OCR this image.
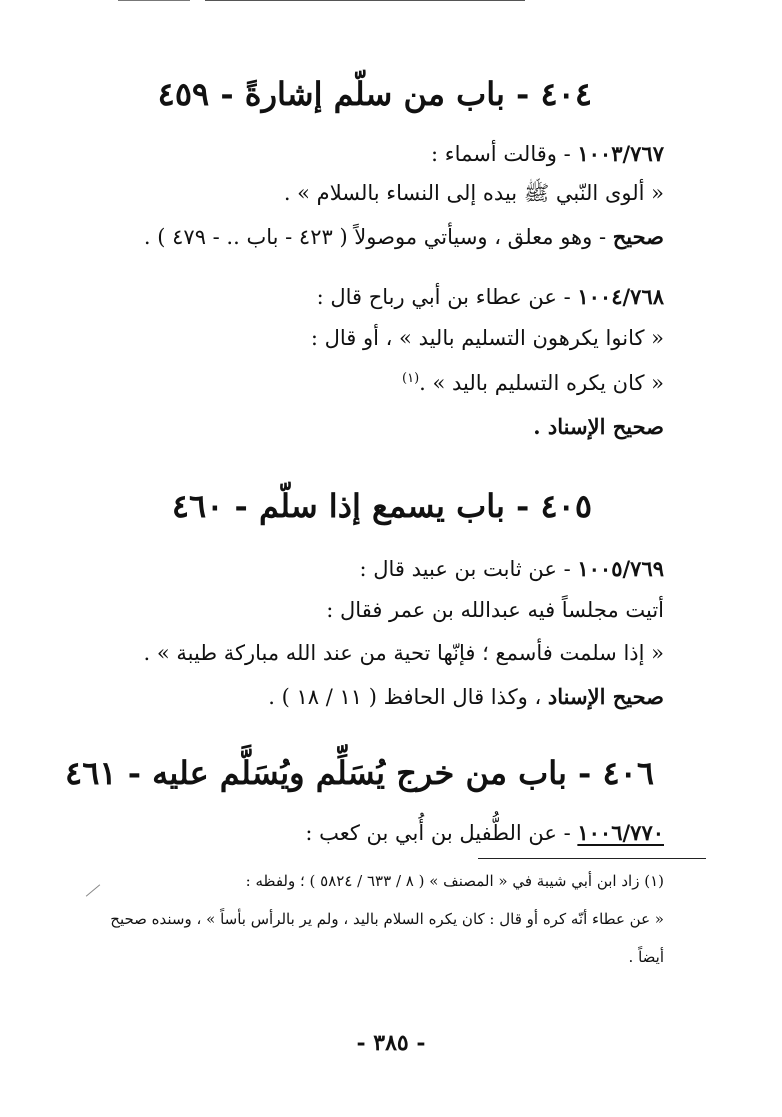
٤٠٤ - باب من سلّم إشارةً - ٤٥٩
١٠٠٣/٧٦٧ - وقالت أسماء :
« ألوى النّبي ﷺ بيده إلى النساء بالسلام » .
صحيح - وهو معلق ، وسيأتي موصولاً ( ٤٢٣ - باب .. - ٤٧٩ ) .
١٠٠٤/٧٦٨ - عن عطاء بن أبي رباح قال :
« كانوا يكرهون التسليم باليد » ، أو قال :
« كان يكره التسليم باليد » .$^{(١)}$
صحيح الإسناد .
٤٠٥ - باب يسمع إذا سلّم - ٤٦٠
١٠٠٥/٧٦٩ - عن ثابت بن عبيد قال :
أتيت مجلساً فيه عبدالله بن عمر فقال :
« إذا سلمت فأسمع ؛ فإنّها تحية من عند الله مباركة طيبة » .
صحيح الإسناد ، وكذا قال الحافظ ( ١١ / ١٨ ) .
٤٠٦ - باب من خرج يُسَلِّم ويُسَلَّم عليه - ٤٦١
١٠٠٦/٧٧٠ - عن الطُّفيل بن أُبي بن كعب :
(١) زاد ابن أبي شيبة في « المصنف » ( ٨ / ٦٣٣ / ٥٨٢٤ ) ؛ ولفظه :
« عن عطاء أنّه كره أو قال : كان يكره السلام باليد ، ولم ير بالرأس بأساً » ، وسنده صحيح
أيضاً .
- ٣٨٥ -
